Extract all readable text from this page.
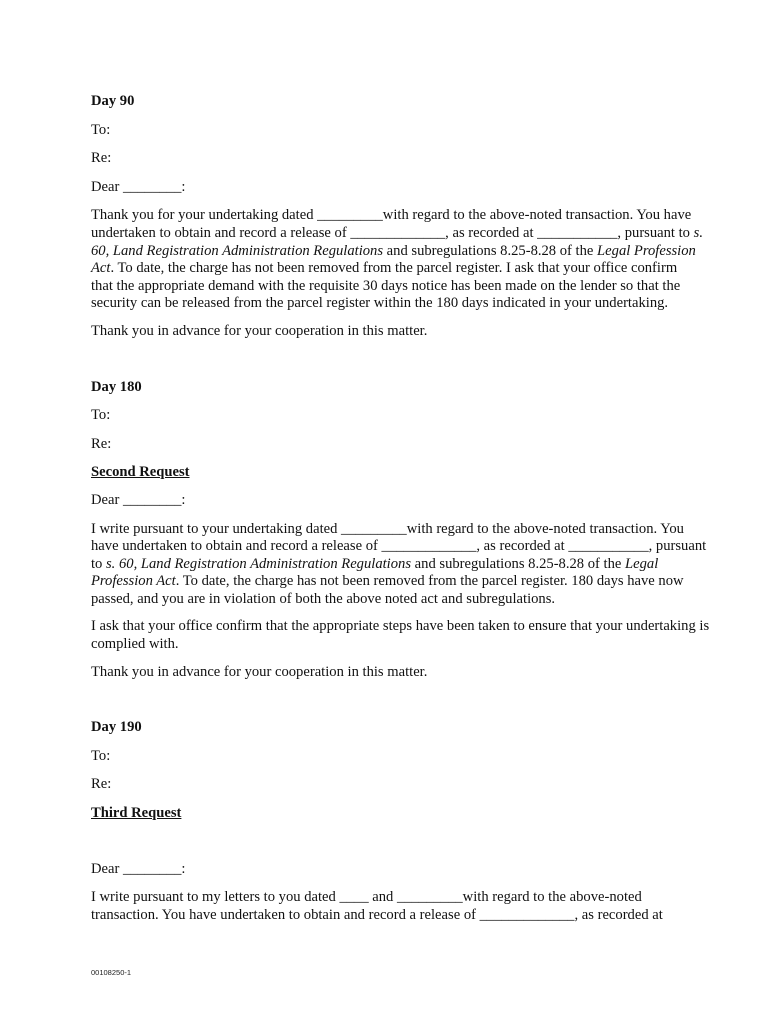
Day 90

To:

Re:

Dear ________:

Thank you for your undertaking dated _________with regard to the above-noted transaction. You have

undertaken to obtain and record a release of _____________, as recorded at ___________, pursuant to s.

60, Land Registration Administration Regulations and subregulations 8.25-8.28 of the Legal Profession

Act. To date, the charge has not been removed from the parcel register. I ask that your office confirm

that the appropriate demand with the requisite 30 days notice has been made on the lender so that the

security can be released from the parcel register within the 180 days indicated in your undertaking.

Thank you in advance for your cooperation in this matter.

Day 180

To:

Re:

Second Request

Dear ________:

I write pursuant to your undertaking dated _________with regard to the above-noted transaction. You

have undertaken to obtain and record a release of _____________, as recorded at ___________, pursuant

to s. 60, Land Registration Administration Regulations and subregulations 8.25-8.28 of the Legal

Profession Act. To date, the charge has not been removed from the parcel register. 180 days have now

passed, and you are in violation of both the above noted act and subregulations.

I ask that your office confirm that the appropriate steps have been taken to ensure that your undertaking is

complied with.

Thank you in advance for your cooperation in this matter.

Day 190

To:

Re:

Third Request

Dear ________:

I write pursuant to my letters to you dated ____ and _________with regard to the above-noted

transaction. You have undertaken to obtain and record a release of _____________, as recorded at

00108250-1
